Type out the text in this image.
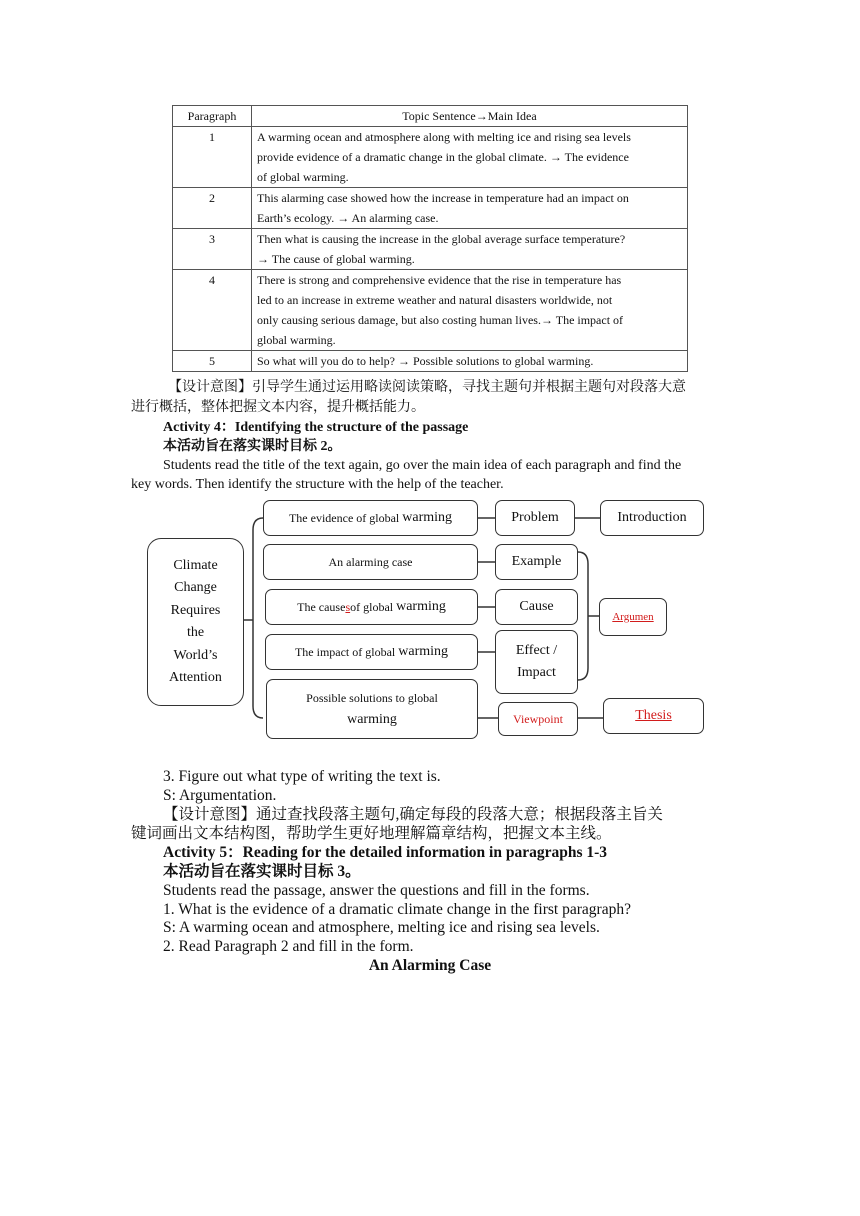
Paragraph	Topic Sentence→Main Idea
1	A warming ocean and atmosphere along with melting ice and rising sea levels
provide evidence of a dramatic change in the global climate. → The evidence
of global warming.

2	This alarming case showed how the increase in temperature had an impact on
Earth’s ecology. → An alarming case.

3	Then what is causing the increase in the global average surface temperature?
→ The cause of global warming.

4	There is strong and comprehensive evidence that the rise in temperature has
led to an increase in extreme weather and natural disasters worldwide, not
only causing serious damage, but also costing human lives.→ The impact of
global warming.

5	So what will you do to help? → Possible solutions to global warming.
【设计意图】引导学生通过运用略读阅读策略，寻找主题句并根据主题句对段落大意
进行概括，整体把握文本内容，提升概括能力。
Activity 4：Identifying the structure of the passage
本活动旨在落实课时目标 2。
Students read the title of the text again, go over the main idea of each paragraph and find the
key words. Then identify the structure with the help of the teacher.
Climate
Change
Requires
the
World’s
Attention
The evidence of global
warming
An alarming case
The cause s of global
warming
The impact of global
warming
Possible solutions to global
warming
Problem
Example
Cause
Effect /
Impact
Viewpoint
Introduction
Argumen
Thesis
3. Figure out what type of writing the text is.
S: Argumentation.
【设计意图】通过查找段落主题句,确定每段的段落大意；根据段落主旨关
键词画出文本结构图，帮助学生更好地理解篇章结构，把握文本主线。
Activity 5：Reading for the detailed information in paragraphs 1-3
本活动旨在落实课时目标 3。
Students read the passage, answer the questions and fill in the forms.
1. What is the evidence of a dramatic climate change in the first paragraph?
S: A warming ocean and atmosphere, melting ice and rising sea levels.
2. Read Paragraph 2 and fill in the form.
An Alarming Case
